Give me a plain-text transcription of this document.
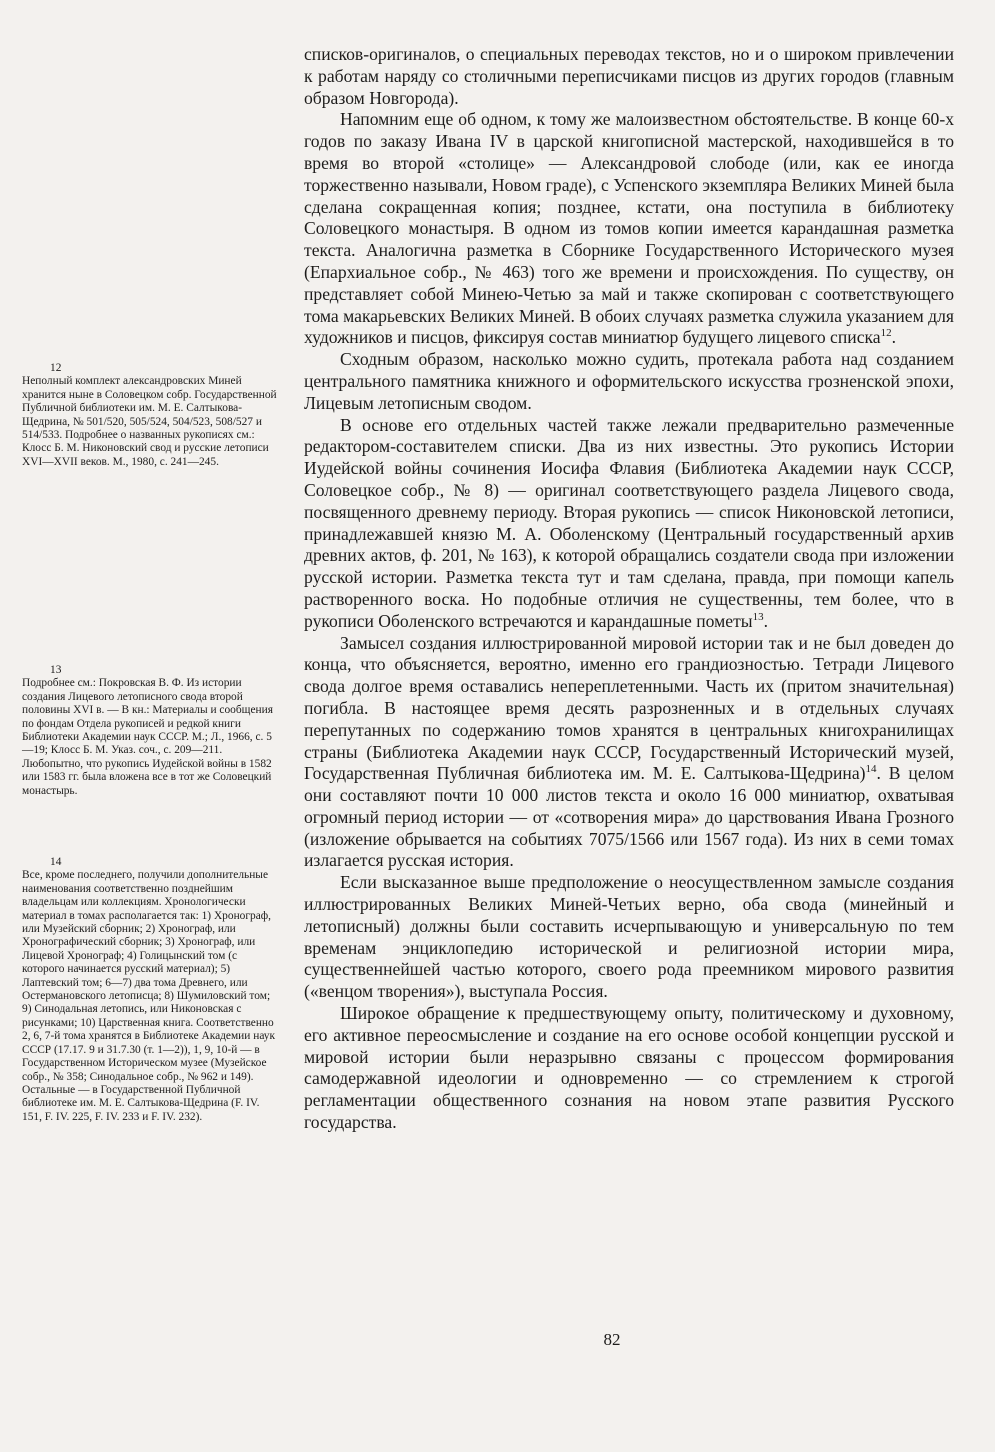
списков-оригиналов, о специальных переводах текстов, но и о широком привлечении к работам наряду со столичными переписчиками писцов из других городов (главным образом Новгорода).

Напомним еще об одном, к тому же малоизвестном обстоятельстве. В конце 60-х годов по заказу Ивана IV в царской книгописной мастерской, находившейся в то время во второй «столице» — Александровой слободе (или, как ее иногда торжественно называли, Новом граде), с Успенского экземпляра Великих Миней была сделана сокращенная копия; позднее, кстати, она поступила в библиотеку Соловецкого монастыря. В одном из томов копии имеется карандашная разметка текста. Аналогична разметка в Сборнике Государственного Исторического музея (Епархиальное собр., № 463) того же времени и происхождения. По существу, он представляет собой Минею-Четью за май и также скопирован с соответствующего тома макарьевских Великих Миней. В обоих случаях разметка служила указанием для художников и писцов, фиксируя состав миниатюр будущего лицевого списка$^{12}$.

Сходным образом, насколько можно судить, протекала работа над созданием центрального памятника книжного и оформительского искусства грозненской эпохи, Лицевым летописным сводом.

В основе его отдельных частей также лежали предварительно размеченные редактором-составителем списки. Два из них известны. Это рукопись Истории Иудейской войны сочинения Иосифа Флавия (Библиотека Академии наук СССР, Соловецкое собр., № 8) — оригинал соответствующего раздела Лицевого свода, посвященного древнему периоду. Вторая рукопись — список Никоновской летописи, принадлежавшей князю М. А. Оболенскому (Центральный государственный архив древних актов, ф. 201, № 163), к которой обращались создатели свода при изложении русской истории. Разметка текста тут и там сделана, правда, при помощи капель растворенного воска. Но подобные отличия не существенны, тем более, что в рукописи Оболенского встречаются и карандашные пометы$^{13}$.

Замысел создания иллюстрированной мировой истории так и не был доведен до конца, что объясняется, вероятно, именно его грандиозностью. Тетради Лицевого свода долгое время оставались непереплетенными. Часть их (притом значительная) погибла. В настоящее время десять разрозненных и в отдельных случаях перепутанных по содержанию томов хранятся в центральных книгохранилищах страны (Библиотека Академии наук СССР, Государственный Исторический музей, Государственная Публичная библиотека им. М. Е. Салтыкова-Щедрина)$^{14}$. В целом они составляют почти 10 000 листов текста и около 16 000 миниатюр, охватывая огромный период истории — от «сотворения мира» до царствования Ивана Грозного (изложение обрывается на событиях 7075/1566 или 1567 года). Из них в семи томах излагается русская история.

Если высказанное выше предположение о неосуществленном замысле создания иллюстрированных Великих Миней-Четьих верно, оба свода (минейный и летописный) должны были составить исчерпывающую и универсальную по тем временам энциклопедию исторической и религиозной истории мира, существеннейшей частью которого, своего рода преемником мирового развития («венцом творения»), выступала Россия.

Широкое обращение к предшествующему опыту, политическому и духовному, его активное переосмысление и создание на его основе особой концепции русской и мировой истории были неразрывно связаны с процессом формирования самодержавной идеологии и одновременно — со стремлением к строгой регламентации общественного сознания на новом этапе развития Русского государства.

12
Неполный комплект александровских Миней хранится ныне в Соловецком собр. Государственной Публичной библиотеки им. М. Е. Салтыкова-Щедрина, № 501/520, 505/524, 504/523, 508/527 и 514/533. Подробнее о названных рукописях см.: Клосс Б. М. Никоновский свод и русские летописи XVI—XVII веков. М., 1980, с. 241—245.
13
Подробнее см.: Покровская В. Ф. Из истории создания Лицевого летописного свода второй половины XVI в. — В кн.: Материалы и сообщения по фондам Отдела рукописей и редкой книги Библиотеки Академии наук СССР. М.; Л., 1966, с. 5—19; Клосс Б. М. Указ. соч., с. 209—211. Любопытно, что рукопись Иудейской войны в 1582 или 1583 гг. была вложена все в тот же Соловецкий монастырь.
14
Все, кроме последнего, получили дополнительные наименования соответственно позднейшим владельцам или коллекциям. Хронологически материал в томах располагается так: 1) Хронограф, или Музейский сборник; 2) Хронограф, или Хронографический сборник; 3) Хронограф, или Лицевой Хронограф; 4) Голицынский том (с которого начинается русский материал); 5) Лаптевский том; 6—7) два тома Древнего, или Остермановского летописца; 8) Шумиловский том; 9) Синодальная летопись, или Никоновская с рисунками; 10) Царственная книга. Соответственно 2, 6, 7-й тома хранятся в Библиотеке Академии наук СССР (17.17. 9 и 31.7.30 (т. 1—2)), 1, 9, 10-й — в Государственном Историческом музее (Музейское собр., № 358; Синодальное собр., № 962 и 149). Остальные — в Государственной Публичной библиотеке им. М. Е. Салтыкова-Щедрина (F. IV. 151, F. IV. 225, F. IV. 233 и F. IV. 232).
82
